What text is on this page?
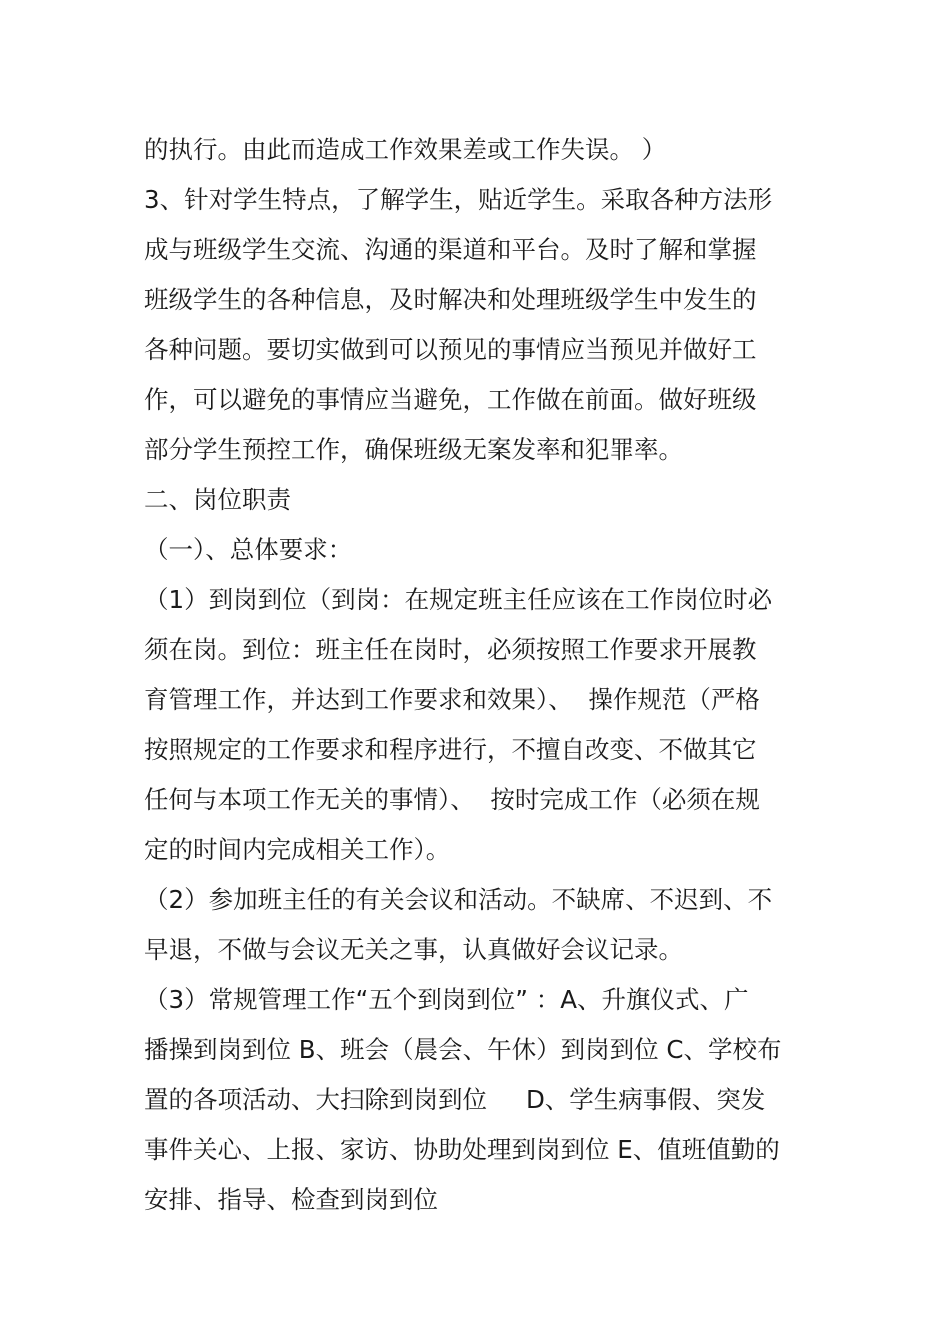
的执行。由此而造成工作效果差或工作失误。 ）
3、针对学生特点，了解学生，贴近学生。采取各种方法形
成与班级学生交流、沟通的渠道和平台。及时了解和掌握
班级学生的各种信息，及时解决和处理班级学生中发生的
各种问题。要切实做到可以预见的事情应当预见并做好工
作，可以避免的事情应当避免，工作做在前面。做好班级
部分学生预控工作，确保班级无案发率和犯罪率。
二、岗位职责
（一）、总体要求：
（1）到岗到位（到岗：在规定班主任应该在工作岗位时必
须在岗。到位：班主任在岗时，必须按照工作要求开展教
育管理工作，并达到工作要求和效果）、  操作规范（严格
按照规定的工作要求和程序进行，不擅自改变、不做其它
任何与本项工作无关的事情）、  按时完成工作（必须在规
定的时间内完成相关工作）。
（2）参加班主任的有关会议和活动。不缺席、不迟到、不
早退，不做与会议无关之事，认真做好会议记录。
（3）常规管理工作“五个到岗到位” ：A、升旗仪式、广
播操到岗到位 B、班会（晨会、午休）到岗到位 C、学校布
置的各项活动、大扫除到岗到位     D、学生病事假、突发
事件关心、上报、家访、协助处理到岗到位 E、值班值勤的
安排、指导、检查到岗到位
